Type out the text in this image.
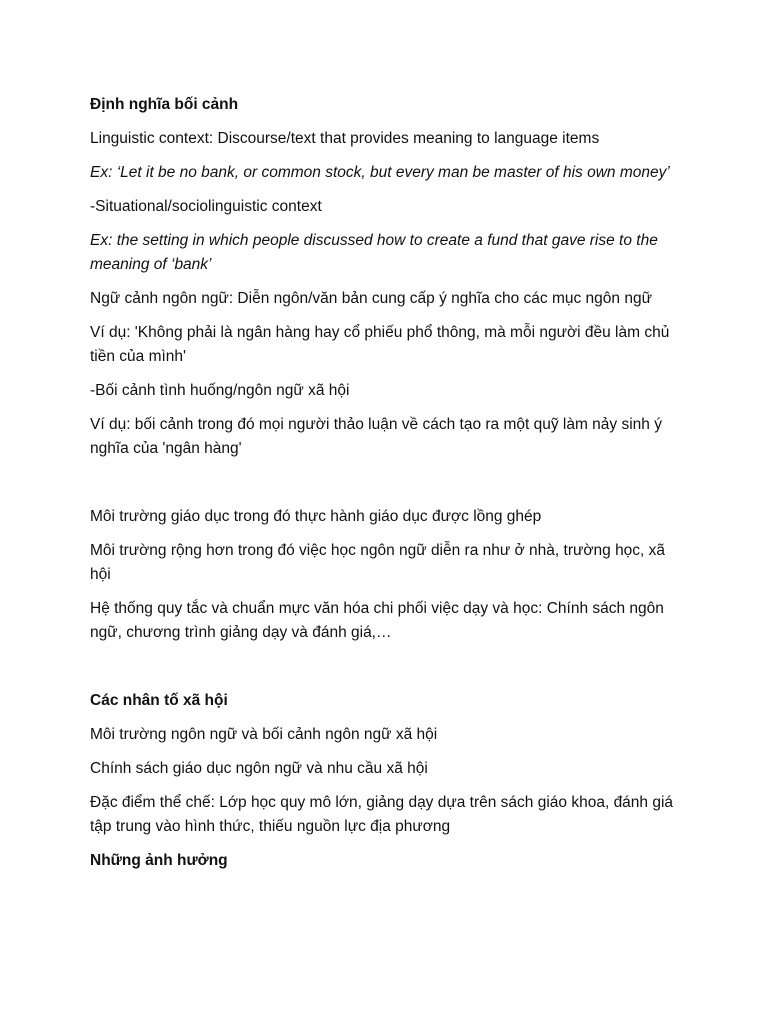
Định nghĩa bối cảnh

Linguistic context: Discourse/text that provides meaning to language items

Ex: ‘Let it be no bank, or common stock, but every man be master of his own money’

-Situational/sociolinguistic context

Ex: the setting in which people discussed how to create a fund that gave rise to the meaning of ‘bank’

Ngữ cảnh ngôn ngữ: Diễn ngôn/văn bản cung cấp ý nghĩa cho các mục ngôn ngữ

Ví dụ: 'Không phải là ngân hàng hay cổ phiếu phổ thông, mà mỗi người đều làm chủ tiền của mình'

-Bối cảnh tình huống/ngôn ngữ xã hội

Ví dụ: bối cảnh trong đó mọi người thảo luận về cách tạo ra một quỹ làm nảy sinh ý nghĩa của 'ngân hàng'

Môi trường giáo dục trong đó thực hành giáo dục được lồng ghép

Môi trường rộng hơn trong đó việc học ngôn ngữ diễn ra như ở nhà, trường học, xã hội

Hệ thống quy tắc và chuẩn mực văn hóa chi phối việc dạy và học: Chính sách ngôn ngữ, chương trình giảng dạy và đánh giá,…

Các nhân tố xã hội

Môi trường ngôn ngữ và bối cảnh ngôn ngữ xã hội

Chính sách giáo dục ngôn ngữ và nhu cầu xã hội

Đặc điểm thể chế: Lớp học quy mô lớn, giảng dạy dựa trên sách giáo khoa, đánh giá tập trung vào hình thức, thiếu nguồn lực địa phương

Những ảnh hưởng
